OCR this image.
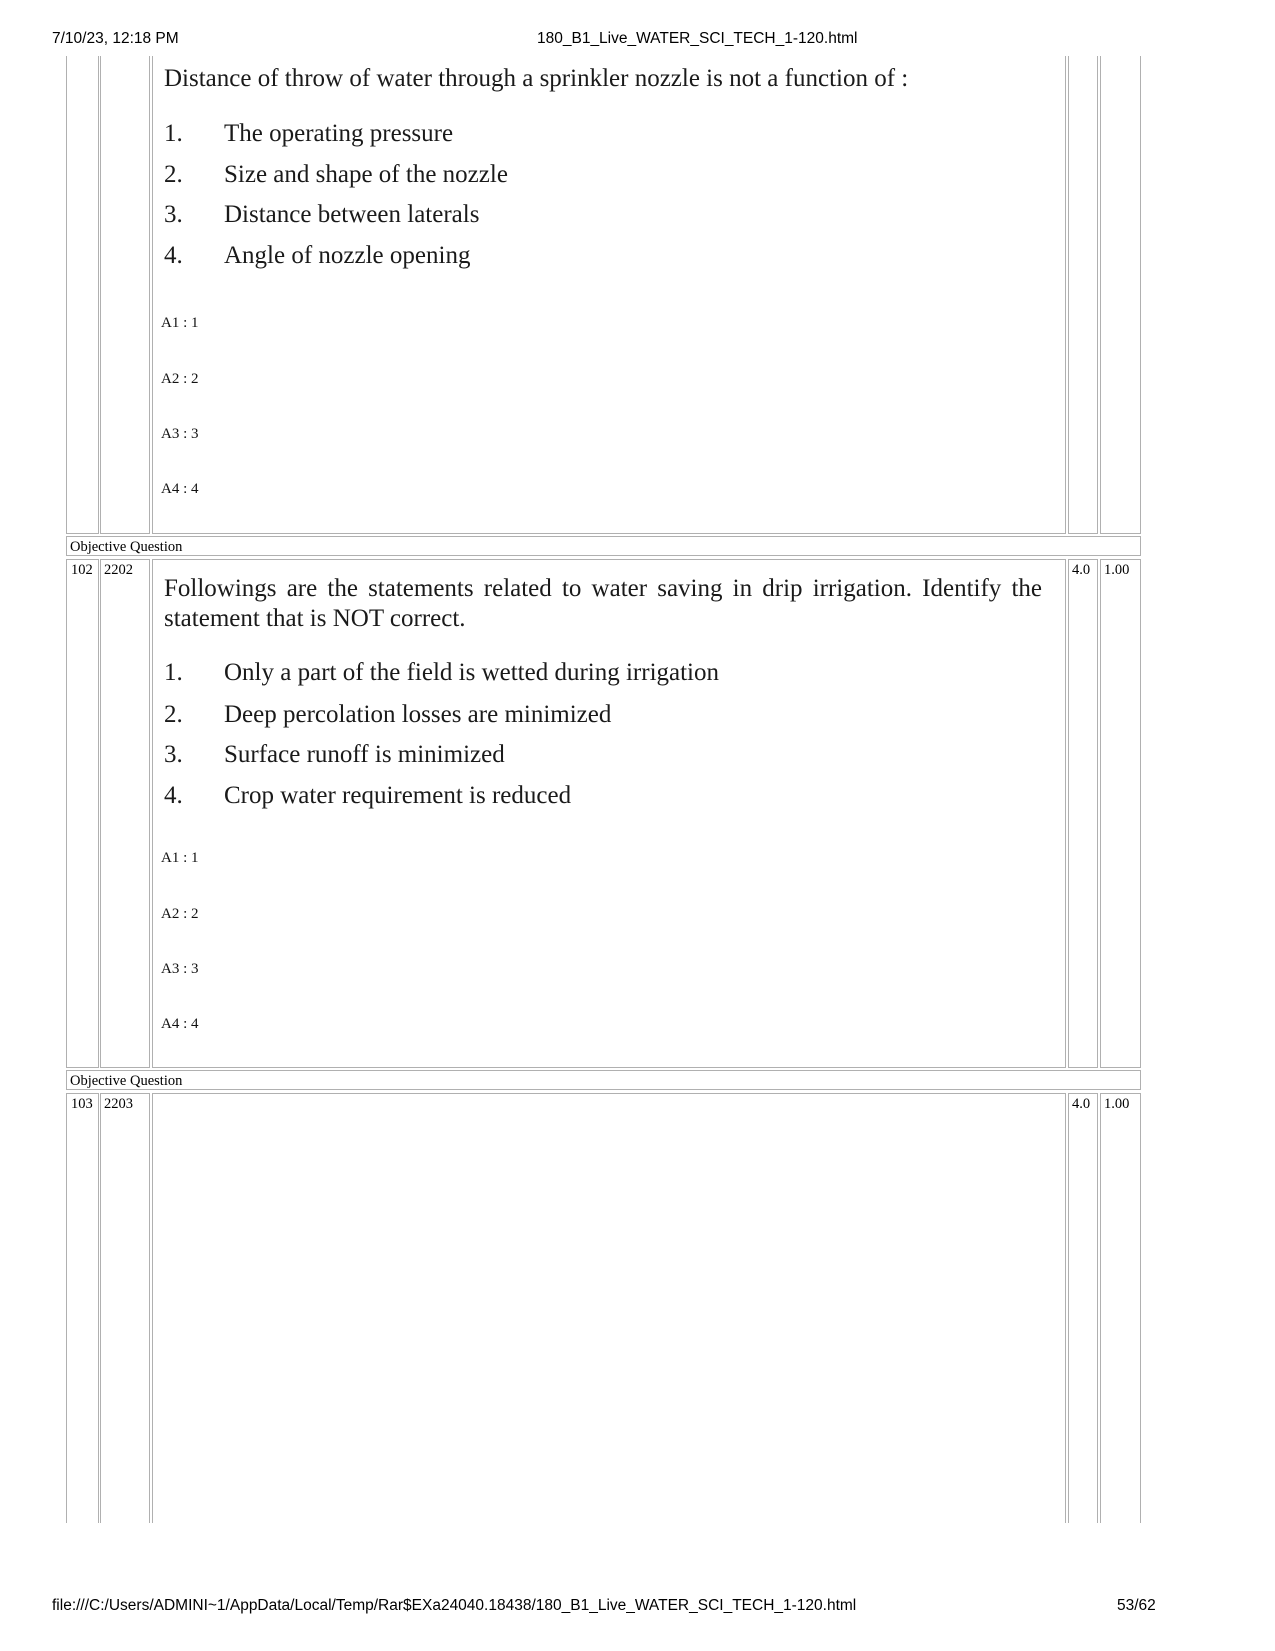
7/10/23, 12:18 PM	180_B1_Live_WATER_SCI_TECH_1-120.html
Distance of throw of water through a sprinkler nozzle is not a function of :
1. The operating pressure
2. Size and shape of the nozzle
3. Distance between laterals
4. Angle of nozzle opening
A1 : 1
A2 : 2
A3 : 3
A4 : 4
Objective Question
102 2202
Followings are the statements related to water saving in drip irrigation. Identify the statement that is NOT correct.
1. Only a part of the field is wetted during irrigation
2. Deep percolation losses are minimized
3. Surface runoff is minimized
4. Crop water requirement is reduced
A1 : 1
A2 : 2
A3 : 3
A4 : 4
4.0 1.00
Objective Question
103 2203	4.0 1.00
file:///C:/Users/ADMINI~1/AppData/Local/Temp/Rar$EXa24040.18438/180_B1_Live_WATER_SCI_TECH_1-120.html	53/62
